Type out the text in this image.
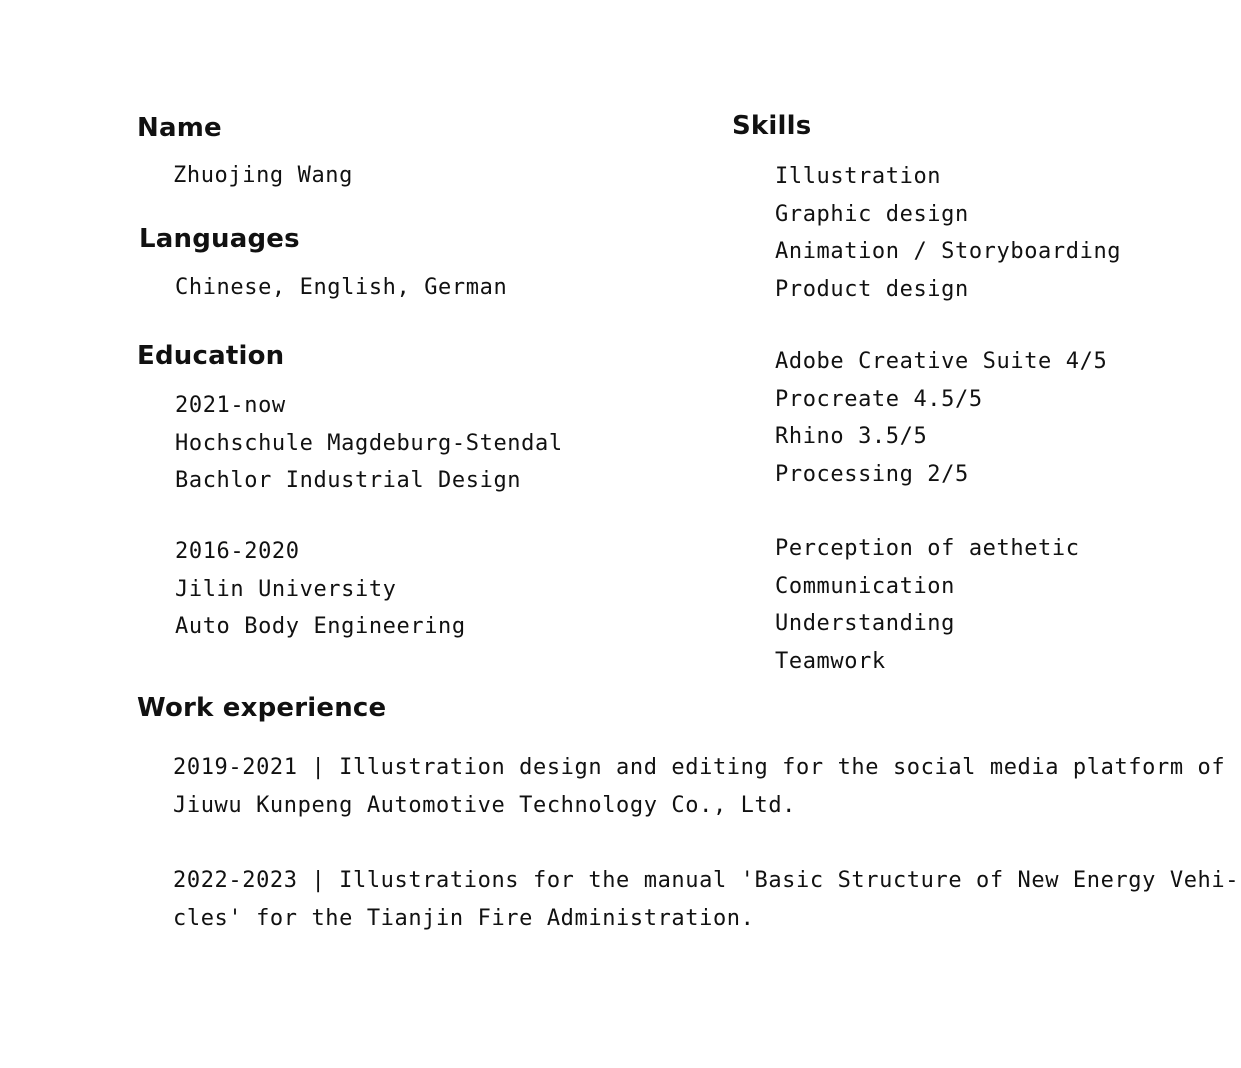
Name
Zhuojing Wang
Languages
Chinese, English, German
Education
2021-now
Hochschule Magdeburg-Stendal
Bachlor Industrial Design
2016-2020
Jilin University
Auto Body Engineering
Skills
Illustration
Graphic design
Animation / Storyboarding
Product design
Adobe Creative Suite 4/5
Procreate 4.5/5
Rhino 3.5/5
Processing 2/5
Perception of aethetic
Communication
Understanding
Teamwork
Work experience
2019-2021 | Illustration design and editing for the social media platform of
Jiuwu Kunpeng Automotive Technology Co., Ltd.
2022-2023 | Illustrations for the manual 'Basic Structure of New Energy Vehi-
cles' for the Tianjin Fire Administration.
